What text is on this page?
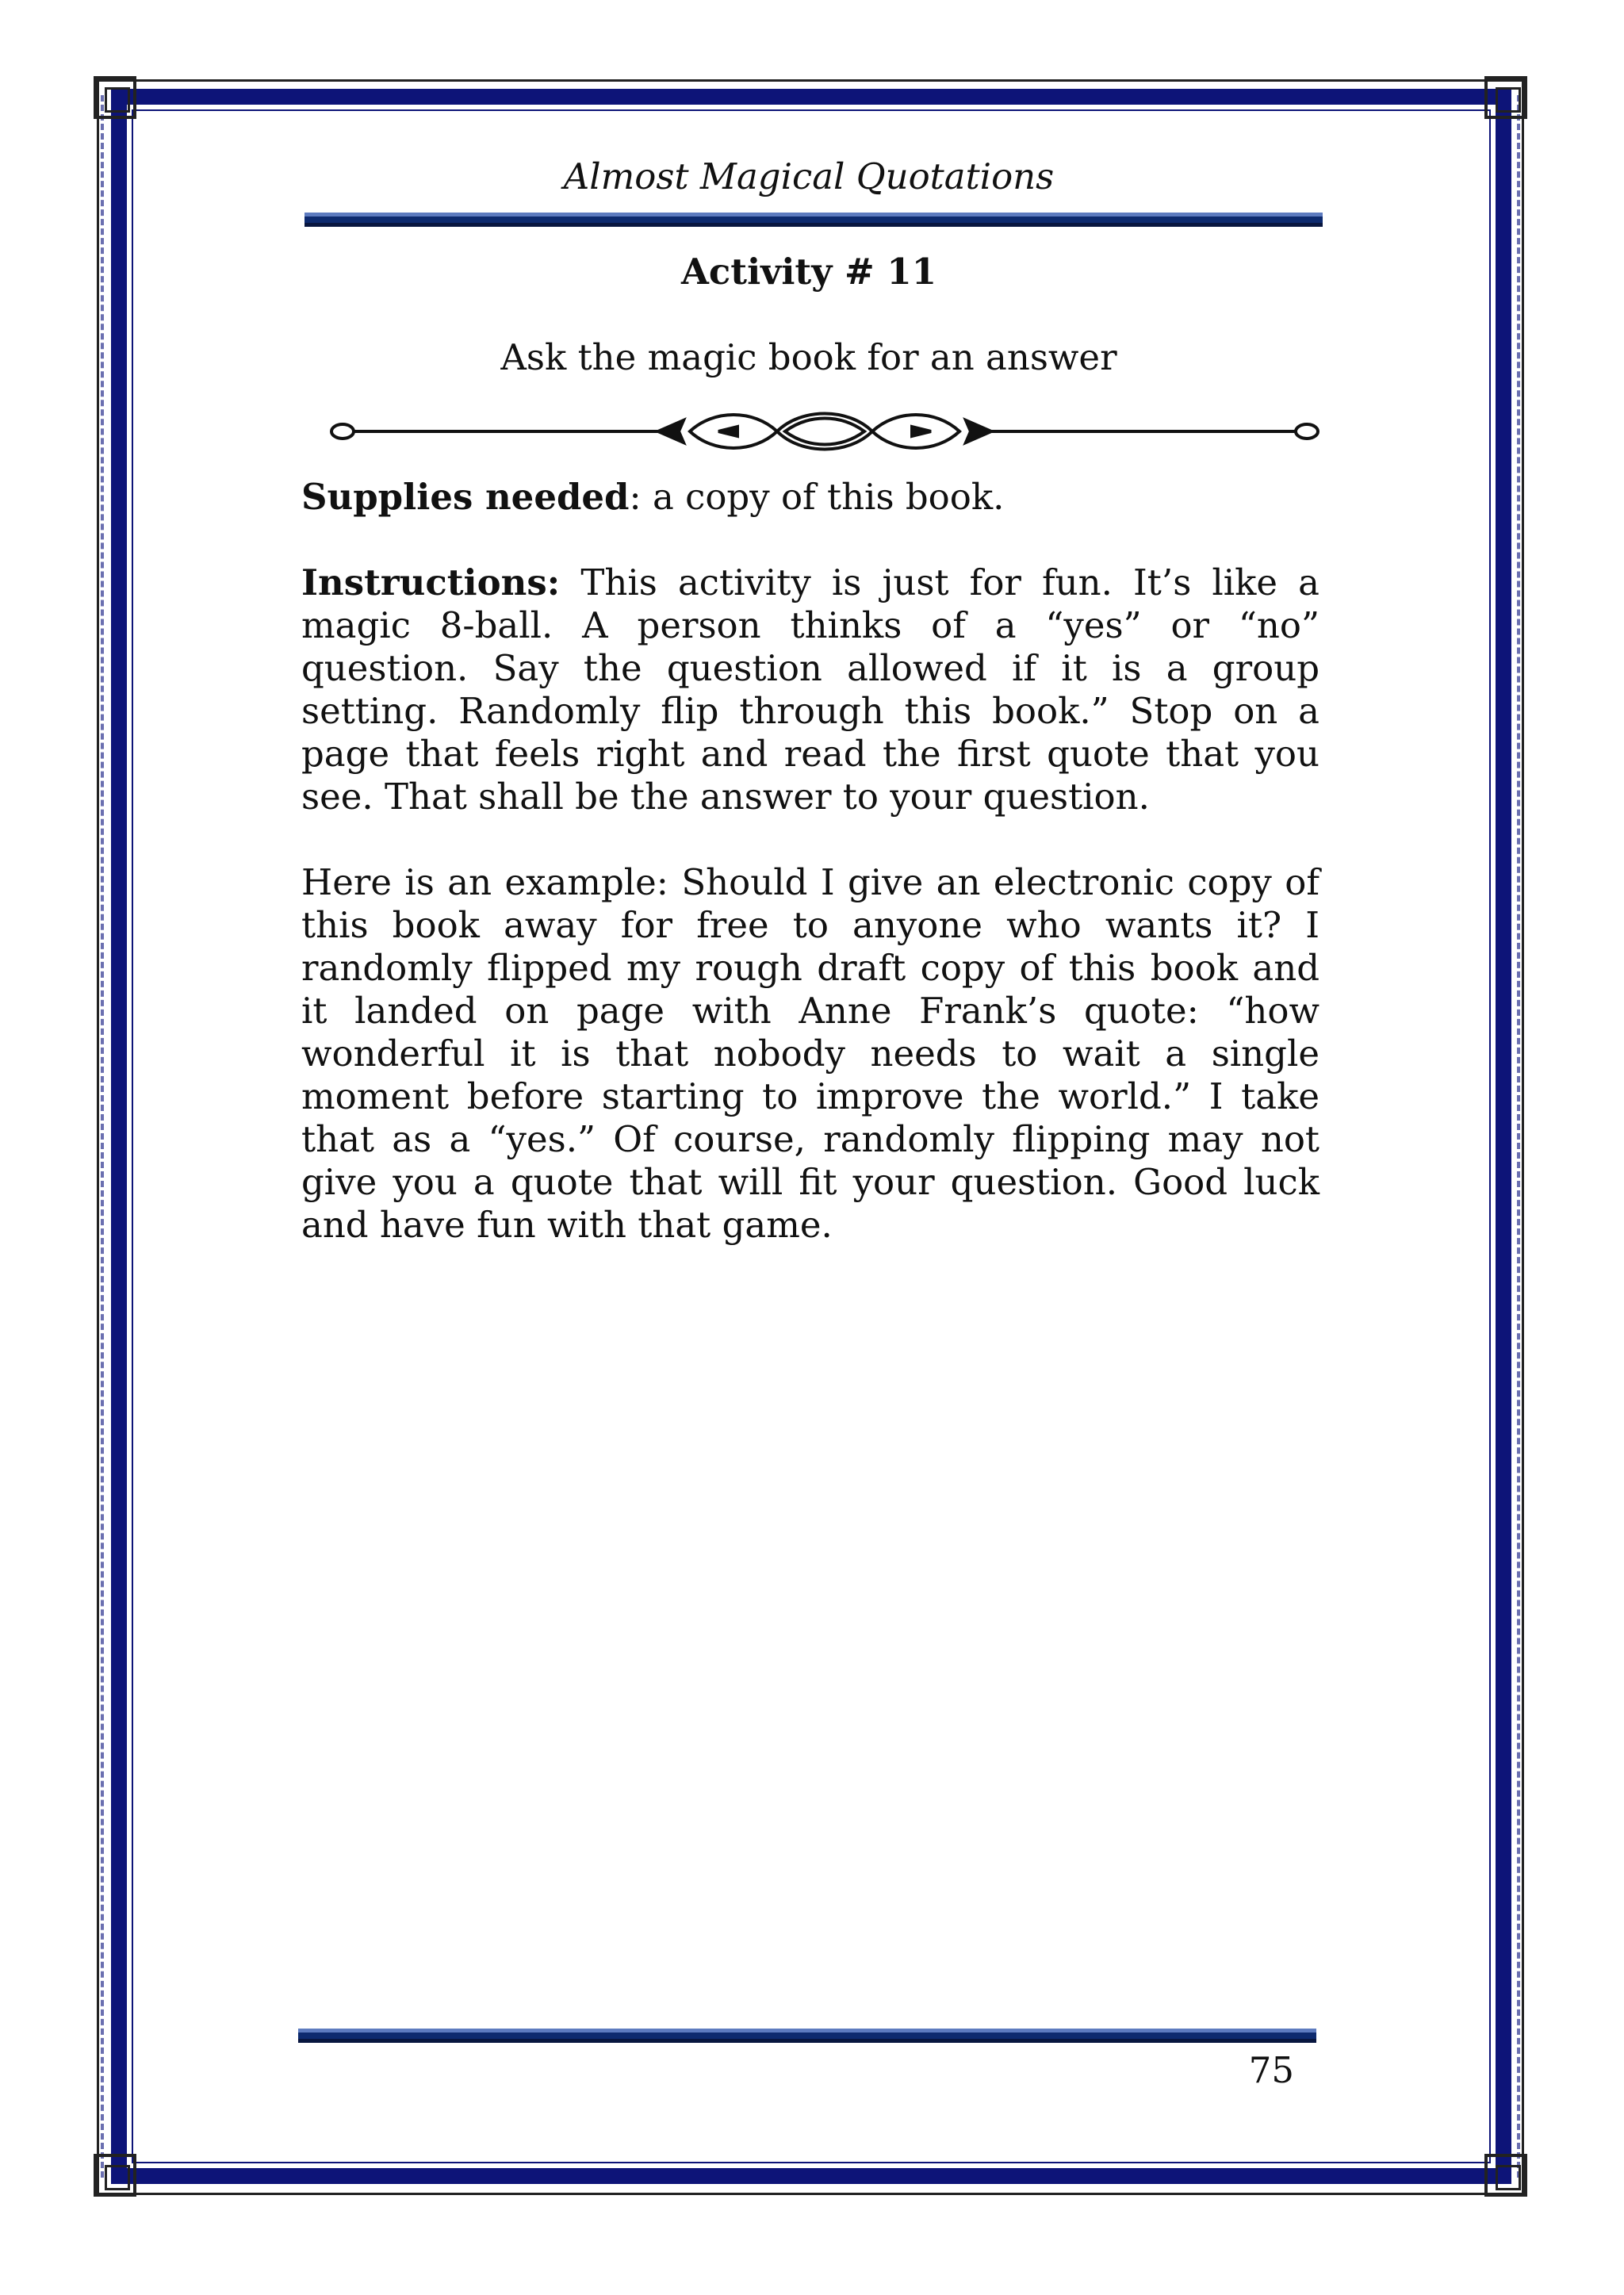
Almost Magical Quotations
Activity # 11
Ask the magic book for an answer
Supplies needed: a copy of this book.
Instructions: This activity is just for fun. It’s like a magic 8-ball. A person thinks of a “yes” or “no” question. Say the question allowed if it is a group setting. Randomly flip through this book.” Stop on a page that feels right and read the first quote that you see. That shall be the answer to your question.
Here is an example: Should I give an electronic copy of this book away for free to anyone who wants it? I randomly flipped my rough draft copy of this book and it landed on page with Anne Frank’s quote: “how wonderful it is that nobody needs to wait a single moment before starting to improve the world.” I take that as a “yes.” Of course, randomly flipping may not give you a quote that will fit your question. Good luck and have fun with that game.
75
